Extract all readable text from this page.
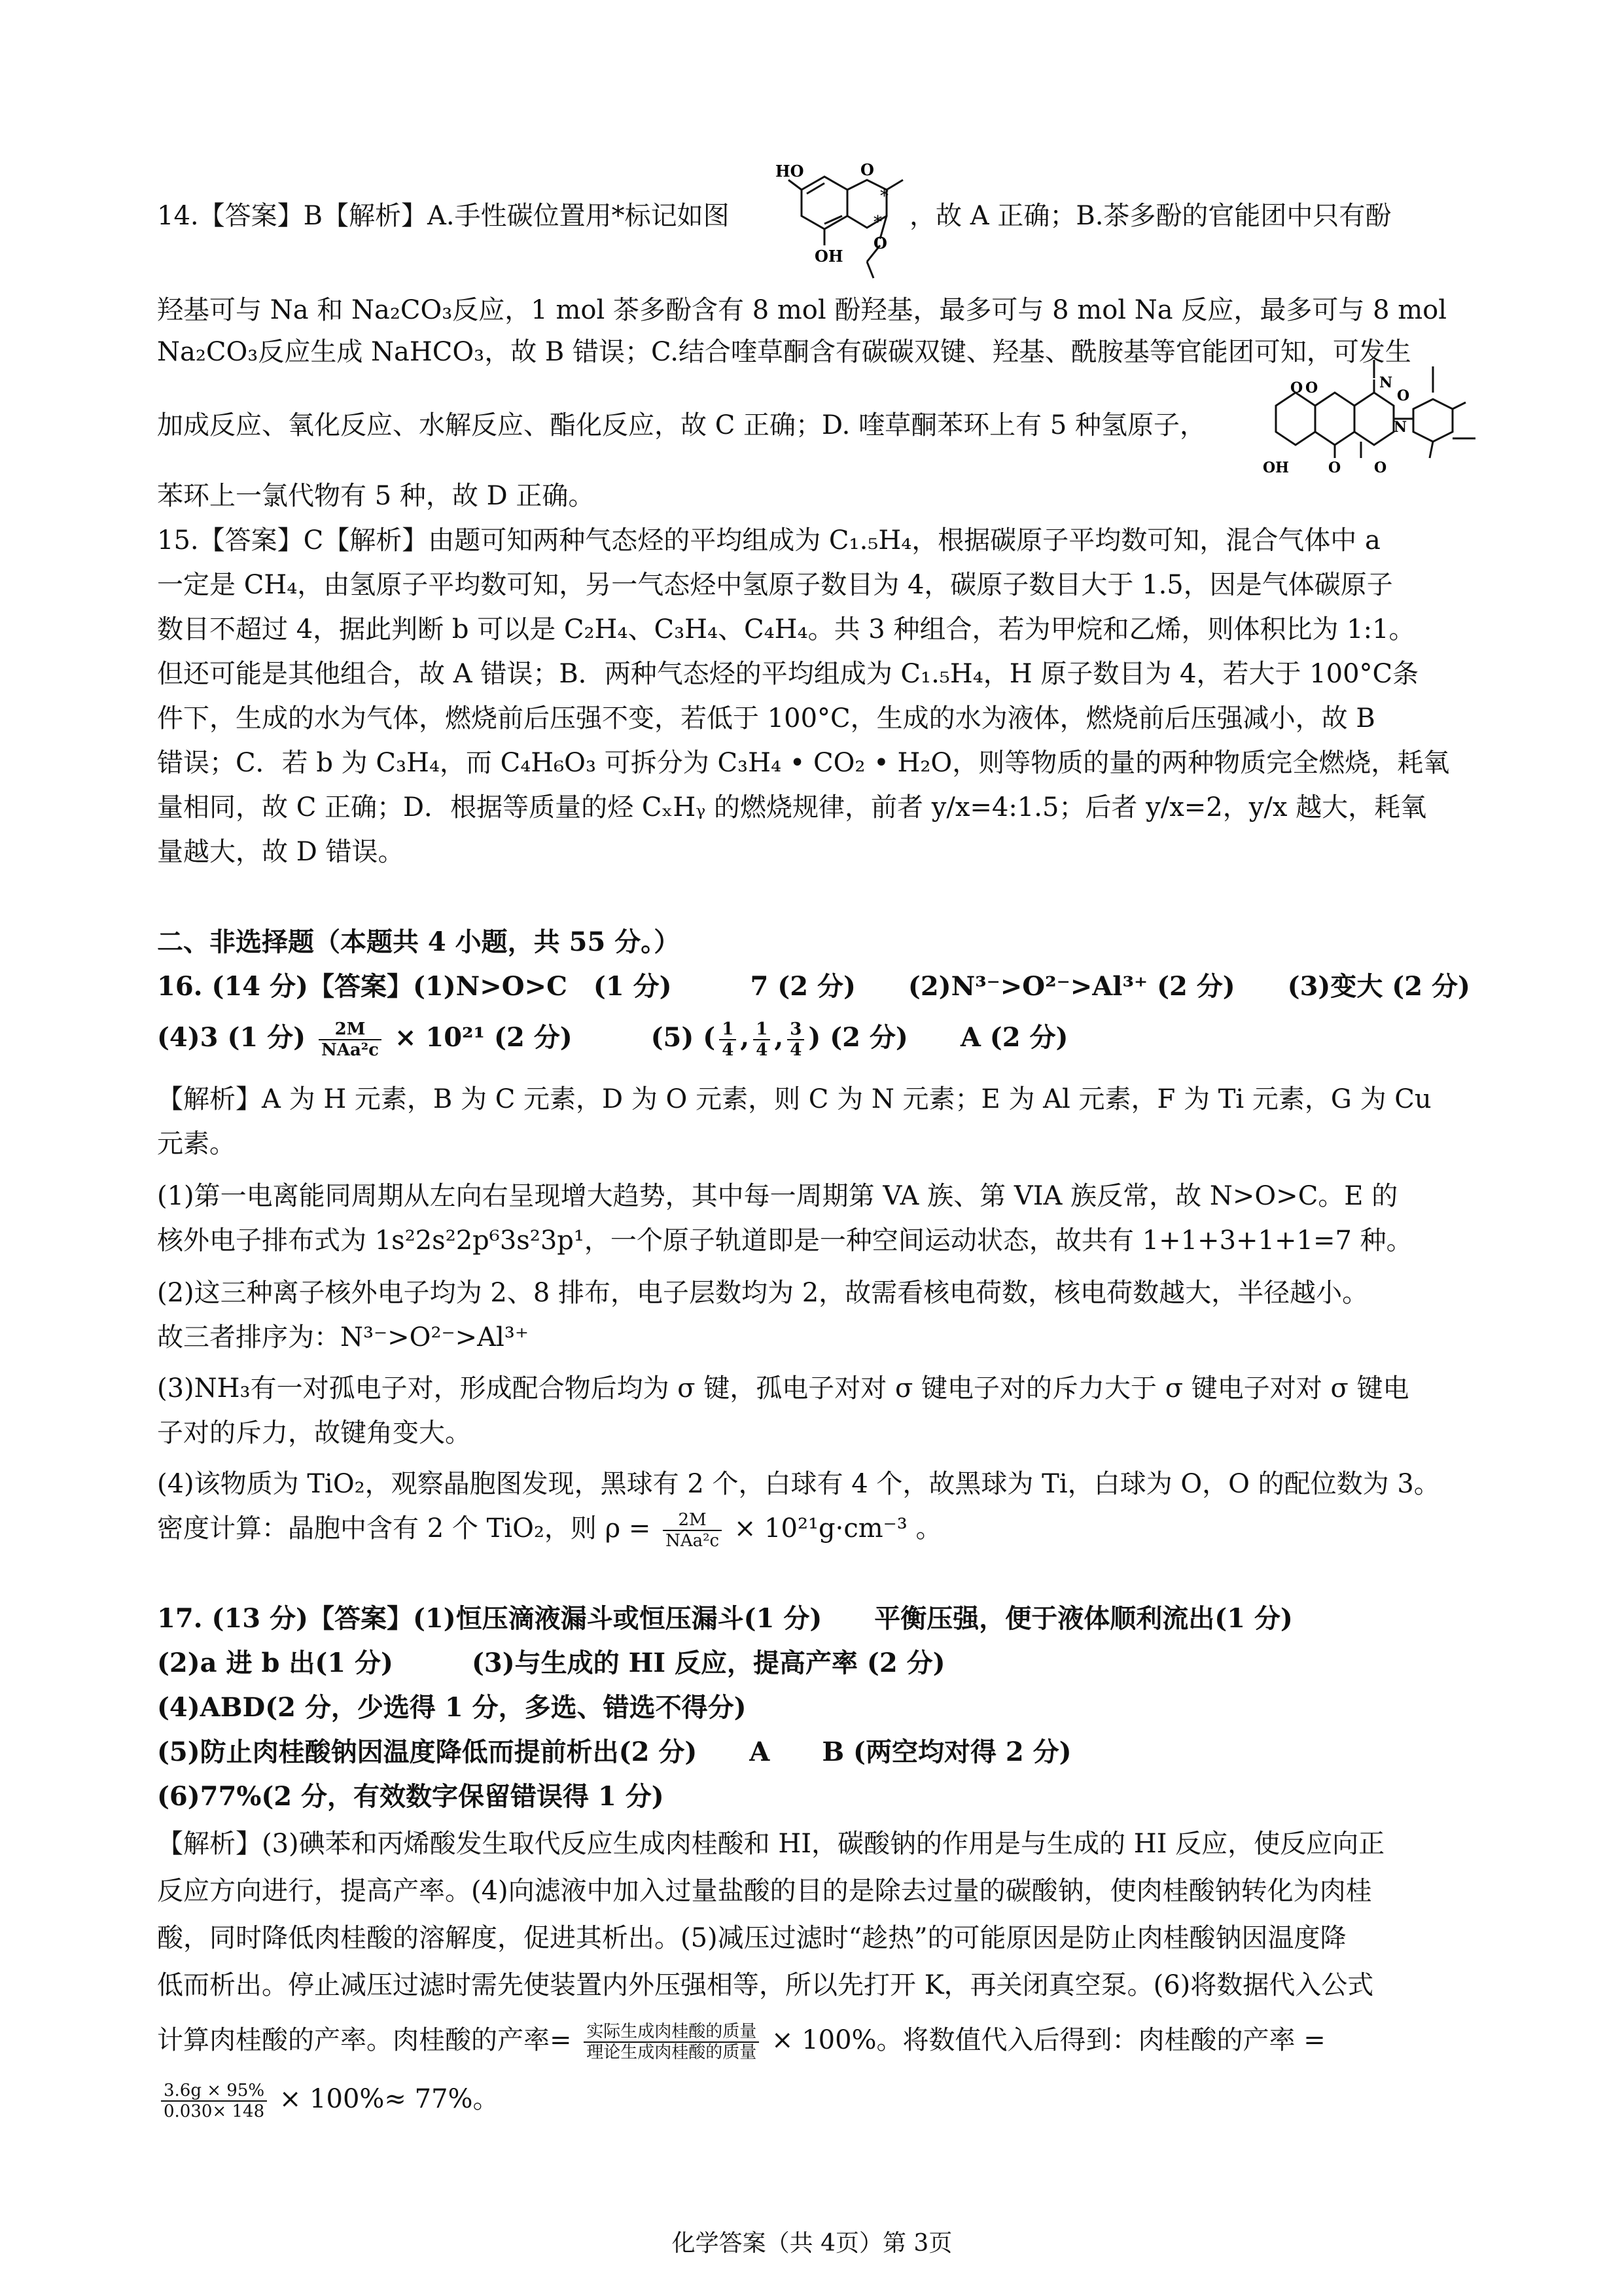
14.【答案】B【解析】A.手性碳位置用*标记如图	，故 A 正确；B.茶多酚的官能团中只有酚
HO
OH
O
O
*
*
羟基可与 Na 和 Na₂CO₃反应，1 mol 茶多酚含有 8 mol 酚羟基，最多可与 8 mol Na 反应，最多可与 8 mol
Na₂CO₃反应生成 NaHCO₃，故 B 错误；C.结合喹草酮含有碳碳双键、羟基、酰胺基等官能团可知，可发生
加成反应、氧化反应、水解反应、酯化反应，故 C 正确；D. 喹草酮苯环上有 5 种氢原子，
O	N
O
O
N
O
OH
O
苯环上一氯代物有 5 种，故 D 正确。
15.【答案】C【解析】由题可知两种气态烃的平均组成为 C₁.₅H₄，根据碳原子平均数可知，混合气体中 a
一定是 CH₄，由氢原子平均数可知，另一气态烃中氢原子数目为 4，碳原子数目大于 1.5，因是气体碳原子
数目不超过 4，据此判断 b 可以是 C₂H₄、C₃H₄、C₄H₄。共 3 种组合，若为甲烷和乙烯，则体积比为 1:1。
但还可能是其他组合，故 A 错误；B．两种气态烃的平均组成为 C₁.₅H₄，H 原子数目为 4，若大于 100°C条
件下，生成的水为气体，燃烧前后压强不变，若低于 100°C，生成的水为液体，燃烧前后压强减小，故 B
错误；C．若 b 为 C₃H₄，而 C₄H₆O₃ 可拆分为 C₃H₄ • CO₂ • H₂O，则等物质的量的两种物质完全燃烧，耗氧
量相同，故 C 正确；D．根据等质量的烃 CₓHᵧ 的燃烧规律，前者 y/x=4:1.5；后者 y/x=2，y/x 越大，耗氧
量越大，故 D 错误。
二、非选择题（本题共 4 小题，共 55 分。）
16. (14 分)【答案】(1)N>O>C　(1 分)　　　7 (2 分)　　(2)N³⁻>O²⁻>Al³⁺ (2 分)　　(3)变大 (2 分)
(4)3 (1 分) $\frac{2M}{\text{NAa²c}} \times 10^{21}$ (2 分)　　　(5) ( $\frac{1}{4}$ , $\frac{1}{4}$ , $\frac{3}{4}$ ) (2 分)　　A (2 分)
【解析】A 为 H 元素，B 为 C 元素，D 为 O 元素，则 C 为 N 元素；E 为 Al 元素，F 为 Ti 元素，G 为 Cu
元素。
(1)第一电离能同周期从左向右呈现增大趋势，其中每一周期第 VA 族、第 VIA 族反常，故 N>O>C。E 的
核外电子排布式为 1s²2s²2p⁶3s²3p¹，一个原子轨道即是一种空间运动状态，故共有 1+1+3+1+1=7 种。
(2)这三种离子核外电子均为 2、8 排布，电子层数均为 2，故需看核电荷数，核电荷数越大，半径越小。
故三者排序为：N³⁻>O²⁻>Al³⁺
(3)NH₃有一对孤电子对，形成配合物后均为 σ 键，孤电子对对 σ 键电子对的斥力大于 σ 键电子对对 σ 键电
子对的斥力，故键角变大。
(4)该物质为 TiO₂，观察晶胞图发现，黑球有 2 个，白球有 4 个，故黑球为 Ti，白球为 O，O 的配位数为 3。
密度计算：晶胞中含有 2 个 TiO₂，则 $\rho = \frac{2M}{\text{NAa²c}} \times 10^{21}g\cdot cm^{-3}$ 。
17. (13 分)【答案】(1)恒压滴液漏斗或恒压漏斗(1 分)　　平衡压强，便于液体顺利流出(1 分)
(2)a 进 b 出(1 分)　　　(3)与生成的 HI 反应，提高产率 (2 分)
(4)ABD(2 分，少选得 1 分，多选、错选不得分)
(5)防止肉桂酸钠因温度降低而提前析出(2 分)　　A　　B (两空均对得 2 分)
(6)77%(2 分，有效数字保留错误得 1 分)
【解析】(3)碘苯和丙烯酸发生取代反应生成肉桂酸和 HI，碳酸钠的作用是与生成的 HI 反应，使反应向正
反应方向进行，提高产率。(4)向滤液中加入过量盐酸的目的是除去过量的碳酸钠，使肉桂酸钠转化为肉桂
酸，同时降低肉桂酸的溶解度，促进其析出。(5)减压过滤时“趁热”的可能原因是防止肉桂酸钠因温度降
低而析出。停止减压过滤时需先使装置内外压强相等，所以先打开 K，再关闭真空泵。(6)将数据代入公式
计算肉桂酸的产率。肉桂酸的产率= $\frac{\text{实际生成肉桂酸的质量}}{\text{理论生成肉桂酸的质量}} \times 100\%$。将数值代入后得到：肉桂酸的产率 =
$\frac{3.6g \times 95\%}{0.030\times 148} \times 100\%\approx 77\%$。
化学答案（共 4页）第 3页
